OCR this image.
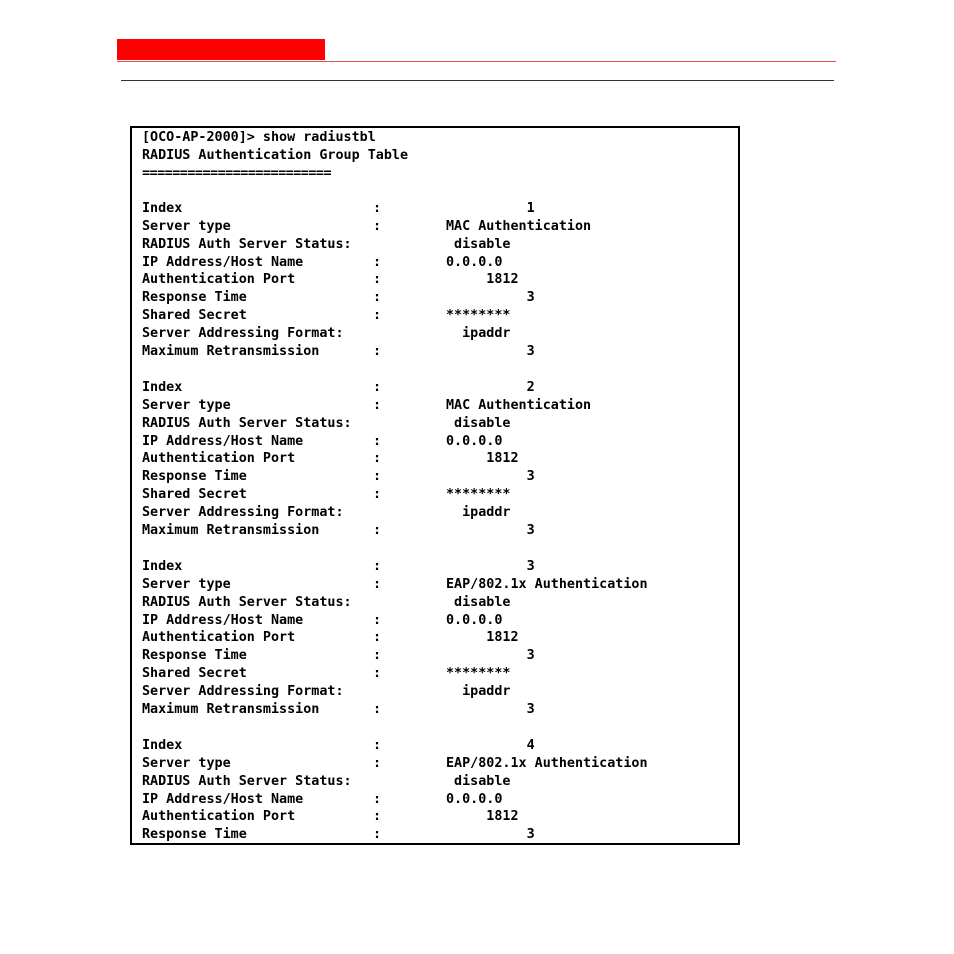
[OCO-AP-2000]> show radiustbl
RADIUS Authentication Group Table
=========================
Index	:	1
Server type	:	MAC Authentication
RADIUS Auth Server Status:	disable
IP Address/Host Name	:	0.0.0.0
Authentication Port	:	1812
Response Time	:	3
Shared Secret	:	********
Server Addressing Format:	ipaddr
Maximum Retransmission	:	3
Index	:	2
Server type	:	MAC Authentication
RADIUS Auth Server Status:	disable
IP Address/Host Name	:	0.0.0.0
Authentication Port	:	1812
Response Time	:	3
Shared Secret	:	********
Server Addressing Format:	ipaddr
Maximum Retransmission	:	3
Index	:	3
Server type	:	EAP/802.1x Authentication
RADIUS Auth Server Status:	disable
IP Address/Host Name	:	0.0.0.0
Authentication Port	:	1812
Response Time	:	3
Shared Secret	:	********
Server Addressing Format:	ipaddr
Maximum Retransmission	:	3
Index	:	4
Server type	:	EAP/802.1x Authentication
RADIUS Auth Server Status:	disable
IP Address/Host Name	:	0.0.0.0
Authentication Port	:	1812
Response Time	:	3
